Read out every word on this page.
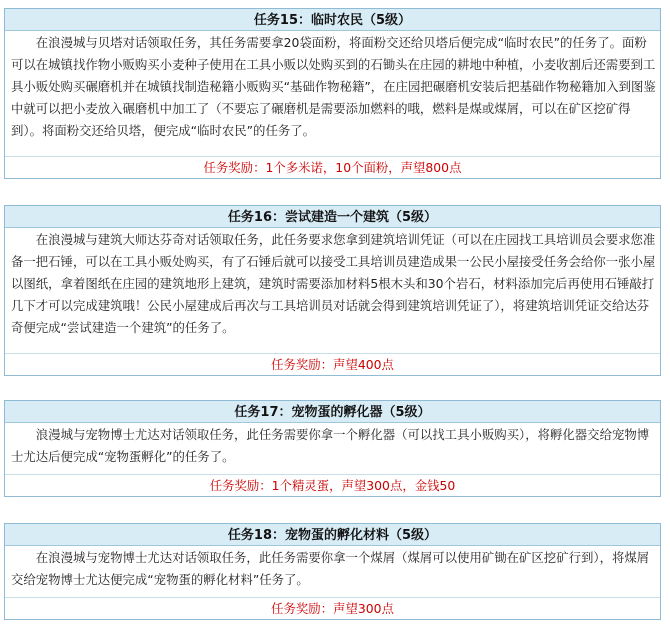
任务15：临时农民（5级）
在浪漫城与贝塔对话领取任务，其任务需要拿20袋面粉，将面粉交还给贝塔后便完成“临时农民”的任务了。面粉可以在城镇找作物小贩购买小麦种子使用在工具小贩以处购买到的石锄头在庄园的耕地中种植，小麦收割后还需要到工具小贩处购买碾磨机并在城镇找制造秘籍小贩购买“基础作物秘籍”，在庄园把碾磨机安装后把基础作物秘籍加入到图鉴中就可以把小麦放入碾磨机中加工了（不要忘了碾磨机是需要添加燃料的哦，燃料是煤或煤屑，可以在矿区挖矿得到）。将面粉交还给贝塔，便完成“临时农民”的任务了。
任务奖励：1个多米诺，10个面粉，声望800点
任务16：尝试建造一个建筑（5级）
在浪漫城与建筑大师达芬奇对话领取任务，此任务要求您拿到建筑培训凭证（可以在庄园找工具培训员会要求您准备一把石锤，可以在工具小贩处购买，有了石锤后就可以接受工具培训员建造成果一公民小屋接受任务会给你一张小屋以图纸，拿着图纸在庄园的建筑地形上建筑，建筑时需要添加材料5根木头和30个岩石，材料添加完后再使用石锤敲打几下才可以完成建筑哦！公民小屋建成后再次与工具培训员对话就会得到建筑培训凭证了），将建筑培训凭证交给达芬奇便完成“尝试建造一个建筑”的任务了。
任务奖励：声望400点
任务17：宠物蛋的孵化器（5级）
浪漫城与宠物博士尤达对话领取任务，此任务需要你拿一个孵化器（可以找工具小贩购买），将孵化器交给宠物博士尤达后便完成“宠物蛋孵化”的任务了。
任务奖励：1个精灵蛋，声望300点，金钱50
任务18：宠物蛋的孵化材料（5级）
在浪漫城与宠物博士尤达对话领取任务，此任务需要你拿一个煤屑（煤屑可以使用矿锄在矿区挖矿行到），将煤屑交给宠物博士尤达便完成“宠物蛋的孵化材料”任务了。
任务奖励：声望300点
